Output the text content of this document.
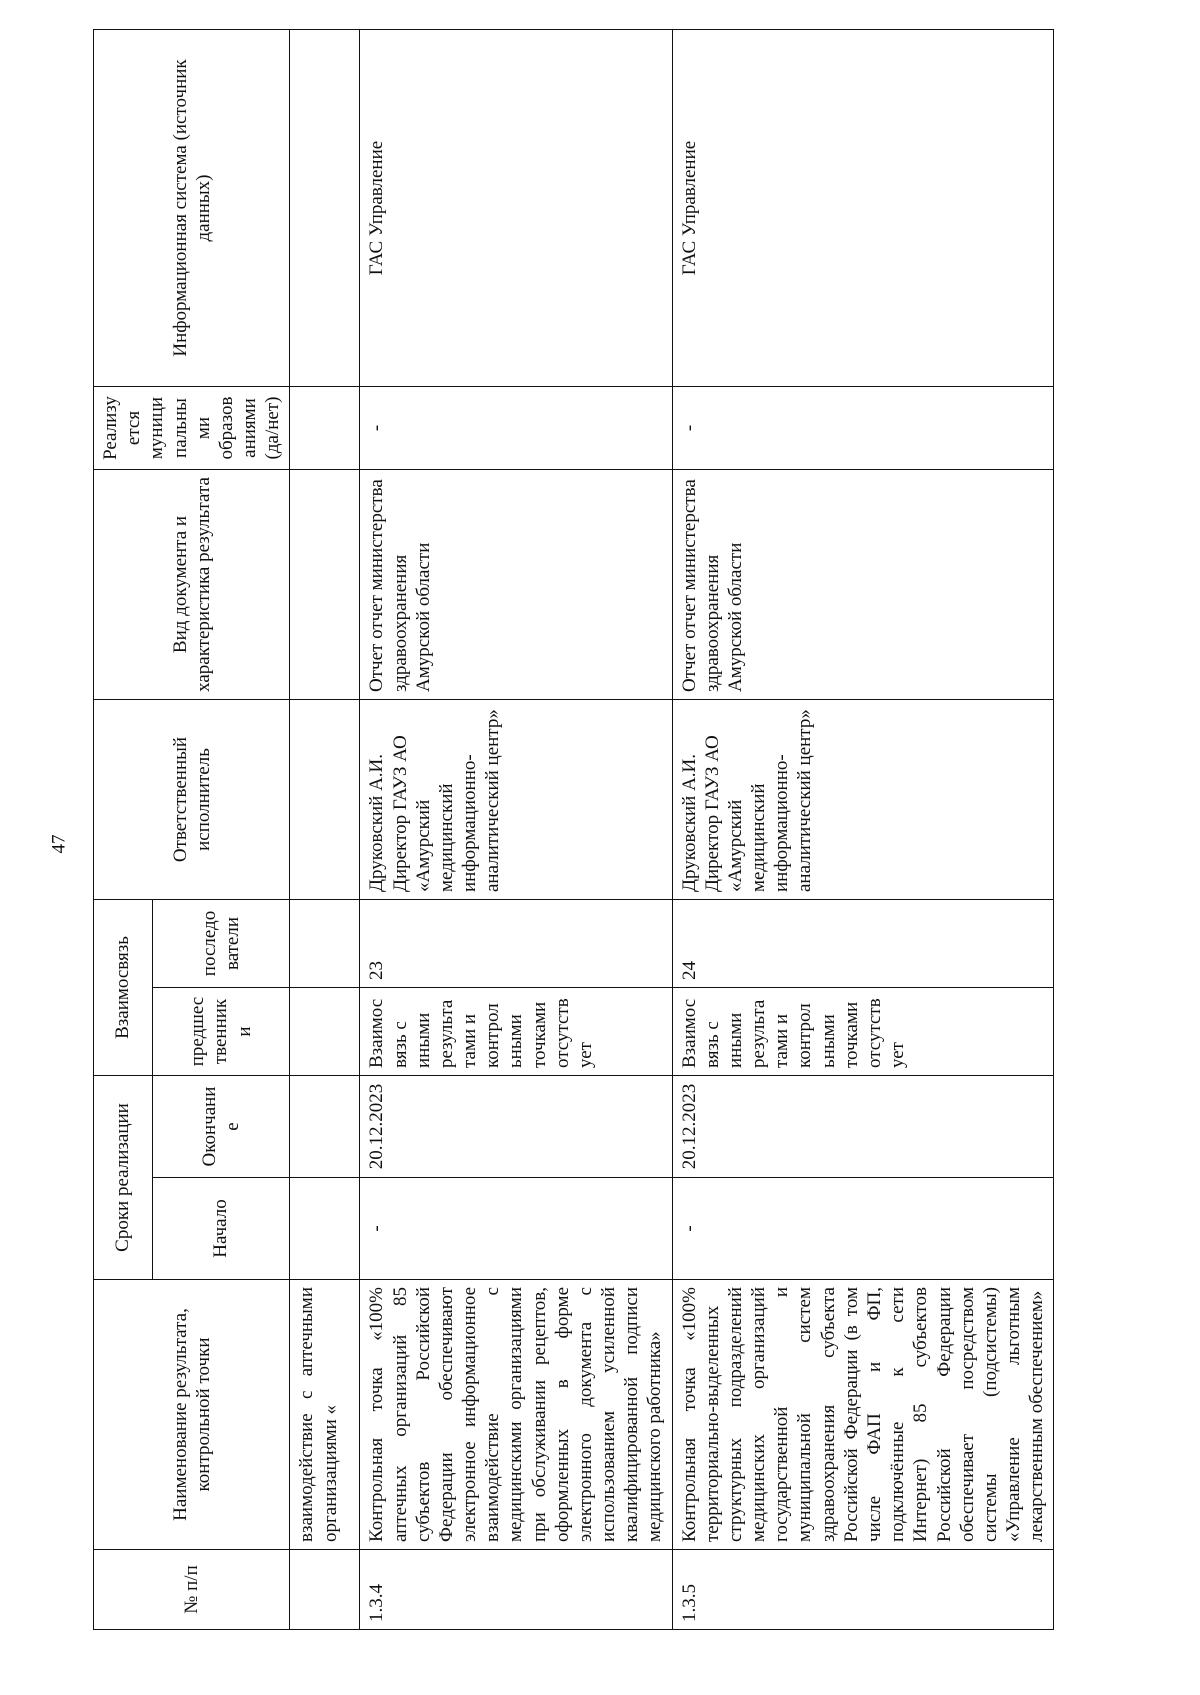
47
№ п/п	Наименование результата, контрольной точки	Сроки реализации		Взаимосвязь		Ответственный исполнитель	Вид документа и характеристика результата	Реализуется муниципальными образованиями (да/нет)	Информационная система (источник данных)
		Начало	Окончание	предшественники	последователи				
	взаимодействие с аптечными организациями «								
1.3.4	Контрольная точка «100% аптечных организаций 85 субъектов Российской Федерации обеспечивают электронное информационное взаимодействие с медицинскими организациями при обслуживании рецептов, оформленных в форме электронного документа с использованием усиленной квалифицированной подписи медицинского работника»	-	20.12.2023	Взаимосвязь с иными результатами и контрольными точками отсутствует	23	Друковский А.И. Директор ГАУЗ АО «Амурский медицинский информационно-аналитический центр»	Отчет отчет министерства здравоохранения Амурской области	-	ГАС Управление
1.3.5	Контрольная точка «100% территориально-выделенных структурных подразделений медицинских организаций государственной и муниципальной систем здравоохранения субъекта Российской Федерации (в том числе ФАП и ФП, подключённые к сети Интернет) 85 субъектов Российской Федерации обеспечивает посредством системы (подсистемы) «Управление льготным лекарственным обеспечением»	-	20.12.2023	Взаимосвязь с иными результатами и контрольными точками отсутствует	24	Друковский А.И. Директор ГАУЗ АО «Амурский медицинский информационно-аналитический центр»	Отчет отчет министерства здравоохранения Амурской области	-	ГАС Управление
